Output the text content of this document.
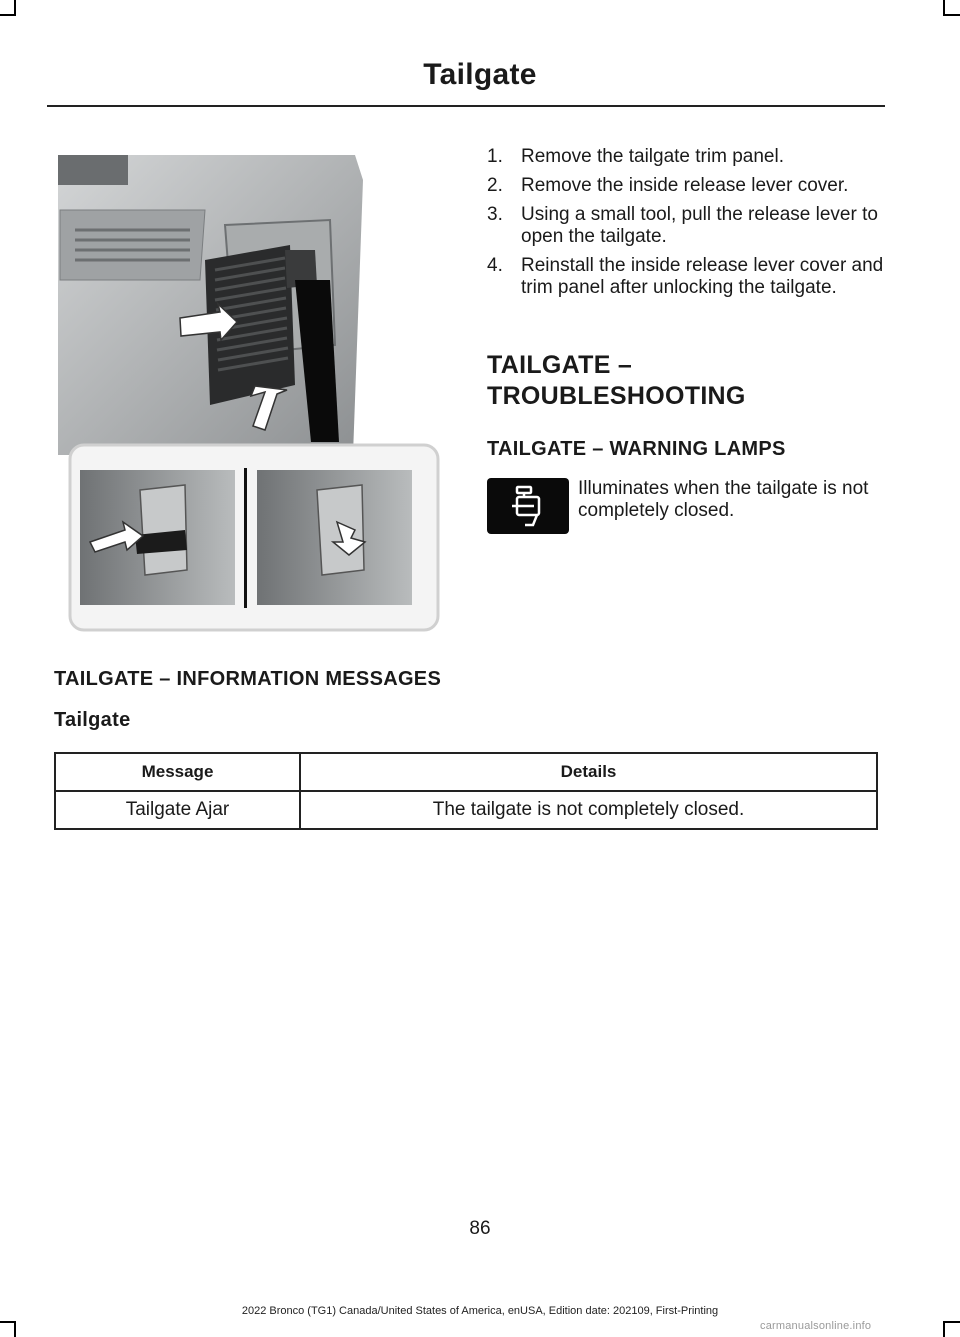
Tailgate
1. Remove the tailgate trim panel.
2. Remove the inside release lever cover.
3. Using a small tool, pull the release lever to open the tailgate.
4. Reinstall the inside release lever cover and trim panel after unlocking the tailgate.
TAILGATE –
TROUBLESHOOTING
TAILGATE – WARNING LAMPS
Illuminates when the tailgate is not completely closed.
TAILGATE – INFORMATION MESSAGES
Tailgate
Message	Details
Tailgate Ajar	The tailgate is not completely closed.
86
2022 Bronco (TG1) Canada/United States of America, enUSA, Edition date: 202109, First-Printing
carmanualsonline.info
